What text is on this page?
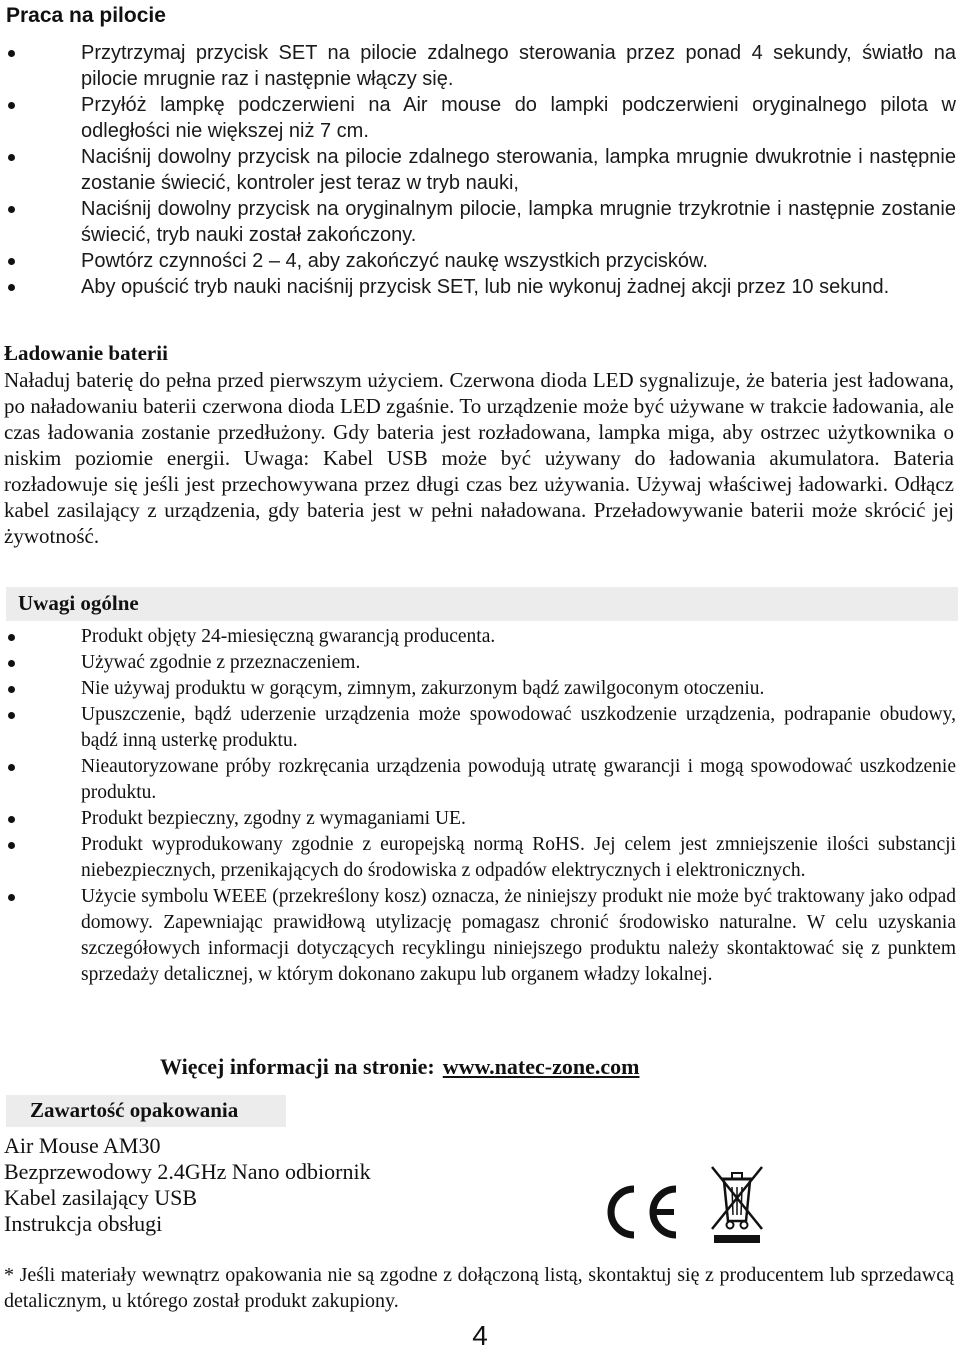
Praca na pilocie
Przytrzymaj przycisk SET na pilocie zdalnego sterowania przez ponad 4 sekundy, światło na pilocie mrugnie raz i następnie włączy się.
Przyłóż lampkę podczerwieni na Air mouse do lampki podczerwieni oryginalnego pilota w odległości nie większej niż 7 cm.
Naciśnij dowolny przycisk na pilocie zdalnego sterowania, lampka mrugnie dwukrotnie i następnie zostanie świecić, kontroler jest teraz w tryb nauki,
Naciśnij dowolny przycisk na oryginalnym pilocie, lampka mrugnie trzykrotnie i następnie zostanie świecić, tryb nauki został zakończony.
Powtórz czynności 2 – 4, aby zakończyć naukę wszystkich przycisków.
Aby opuścić tryb nauki naciśnij przycisk SET, lub nie wykonuj żadnej akcji przez 10 sekund.
Ładowanie baterii
Naładuj baterię do pełna przed pierwszym użyciem. Czerwona dioda LED sygnalizuje, że bateria jest ładowana, po naładowaniu baterii czerwona dioda LED zgaśnie. To urządzenie może być używane w trakcie ładowania, ale czas ładowania zostanie przedłużony. Gdy bateria jest rozładowana, lampka miga, aby ostrzec użytkownika o niskim poziomie energii. Uwaga: Kabel USB może być używany do ładowania akumulatora. Bateria rozładowuje się jeśli jest przechowywana przez długi czas bez używania. Używaj właściwej ładowarki. Odłącz kabel zasilający z urządzenia, gdy bateria jest w pełni naładowana. Przeładowywanie baterii może skrócić jej żywotność.
Uwagi ogólne
Produkt objęty 24-miesięczną gwarancją producenta.
Używać zgodnie z przeznaczeniem.
Nie używaj produktu w gorącym, zimnym, zakurzonym bądź zawilgoconym otoczeniu.
Upuszczenie, bądź uderzenie urządzenia może spowodować uszkodzenie urządzenia, podrapanie obudowy, bądź inną usterkę produktu.
Nieautoryzowane próby rozkręcania urządzenia powodują utratę gwarancji i mogą spowodować uszkodzenie produktu.
Produkt bezpieczny, zgodny z wymaganiami UE.
Produkt wyprodukowany zgodnie z europejską normą RoHS. Jej celem jest zmniejszenie ilości substancji niebezpiecznych, przenikających do środowiska z odpadów elektrycznych i elektronicznych.
Użycie symbolu WEEE (przekreślony kosz) oznacza, że niniejszy produkt nie może być traktowany jako odpad domowy. Zapewniając prawidłową utylizację pomagasz chronić środowisko naturalne. W celu uzyskania szczegółowych informacji dotyczących recyklingu niniejszego produktu należy skontaktować się z punktem sprzedaży detalicznej, w którym dokonano zakupu lub organem władzy lokalnej.
Więcej informacji na stronie: www.natec-zone.com
Zawartość opakowania
Air Mouse AM30
Bezprzewodowy 2.4GHz Nano odbiornik
Kabel zasilający USB
Instrukcja obsługi
* Jeśli materiały wewnątrz opakowania nie są zgodne z dołączoną listą, skontaktuj się z producentem lub sprzedawcą detalicznym, u którego został produkt zakupiony.
4
